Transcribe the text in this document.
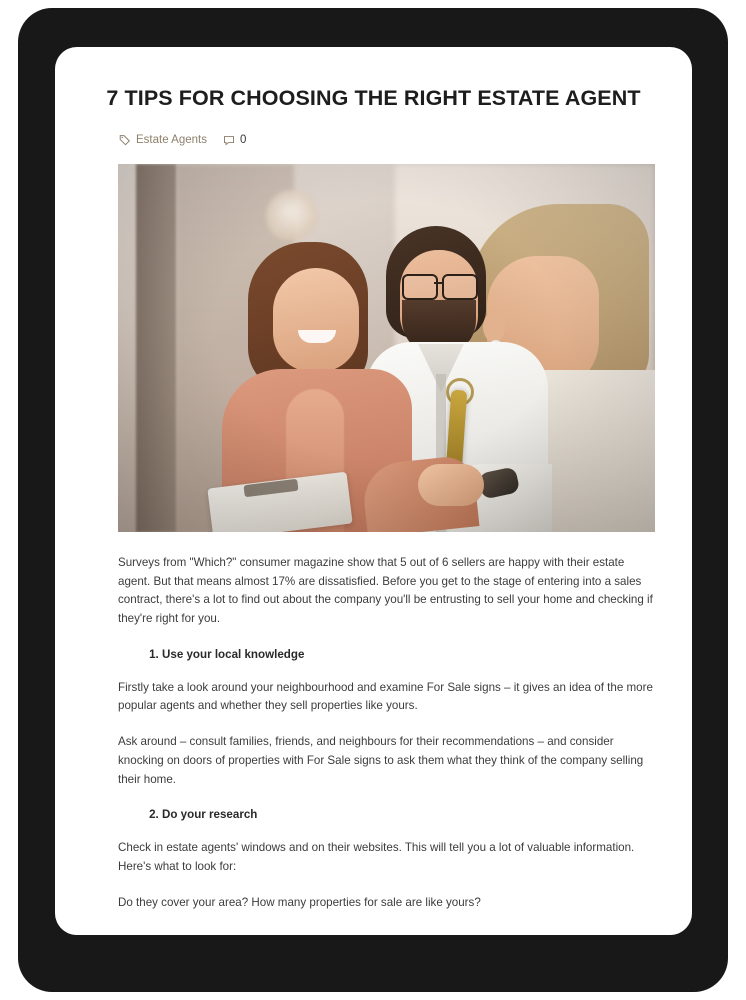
7 TIPS FOR CHOOSING THE RIGHT ESTATE AGENT
Estate Agents	0

Surveys from "Which?" consumer magazine show that 5 out of 6 sellers are happy with their estate agent. But that means almost 17% are dissatisfied. Before you get to the stage of entering into a sales contract, there's a lot to find out about the company you'll be entrusting to sell your home and checking if they're right for you.

1. Use your local knowledge

Firstly take a look around your neighbourhood and examine For Sale signs – it gives an idea of the more popular agents and whether they sell properties like yours.

Ask around – consult families, friends, and neighbours for their recommendations – and consider knocking on doors of properties with For Sale signs to ask them what they think of the company selling their home.

2. Do your research

Check in estate agents' windows and on their websites. This will tell you a lot of valuable information. Here's what to look for:

Do they cover your area? How many properties for sale are like yours?
